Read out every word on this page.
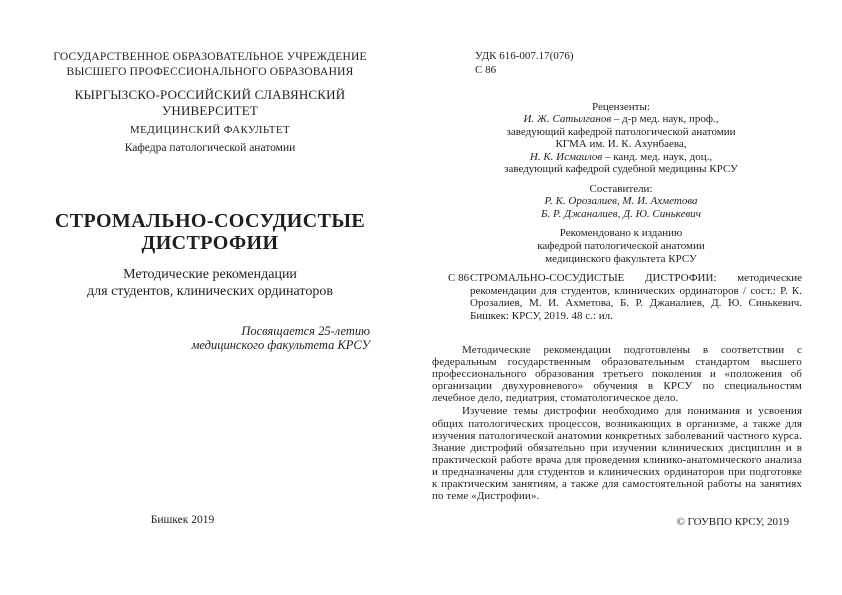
ГОСУДАРСТВЕННОЕ ОБРАЗОВАТЕЛЬНОЕ УЧРЕЖДЕНИЕ
ВЫСШЕГО ПРОФЕССИОНАЛЬНОГО ОБРАЗОВАНИЯ
КЫРГЫЗСКО-РОССИЙСКИЙ СЛАВЯНСКИЙ УНИВЕРСИТЕТ
МЕДИЦИНСКИЙ ФАКУЛЬТЕТ
Кафедра патологической анатомии
СТРОМАЛЬНО-СОСУДИСТЫЕ
ДИСТРОФИИ
Методические рекомендации
для студентов, клинических ординаторов
Посвящается 25-летию
медицинского факультета КРСУ
Бишкек 2019
УДК 616-007.17(076)
С 86
Рецензенты:
И. Ж. Сатылганов – д-р мед. наук, проф.,
заведующий кафедрой патологической анатомии
КГМА им. И. К. Ахунбаева,
Н. К. Исмаилов – канд. мед. наук, доц.,
заведующий кафедрой судебной медицины КРСУ
Составители:
Р. К. Орозалиев, М. И. Ахметова
Б. Р. Джаналиев, Д. Ю. Синькевич
Рекомендовано к изданию
кафедрой патологической анатомии
медицинского факультета КРСУ
С 86 СТРОМАЛЬНО-СОСУДИСТЫЕ ДИСТРОФИИ: методические рекомендации для студентов, клинических ординаторов / сост.: Р. К. Орозалиев, М. И. Ахметова, Б. Р. Джаналиев, Д. Ю. Синькевич. Бишкек: КРСУ, 2019. 48 с.: ил.

Методические рекомендации подготовлены в соответствии с федеральным государственным образовательным стандартом высшего профессионального образования третьего поколения и «положения об организации двухуровневого» обучения в КРСУ по специальностям лечебное дело, педиатрия, стоматологическое дело.

Изучение темы дистрофии необходимо для понимания и усвоения общих патологических процессов, возникающих в организме, а также для изучения патологической анатомии конкретных заболеваний частного курса. Знание дистрофий обязательно при изучении клинических дисциплин и в практической работе врача для проведения клинико-анатомического анализа и предназначены для студентов и клинических ординаторов при подготовке к практическим занятиям, а также для самостоятельной работы на занятиях по теме «Дистрофии».

© ГОУВПО КРСУ, 2019
